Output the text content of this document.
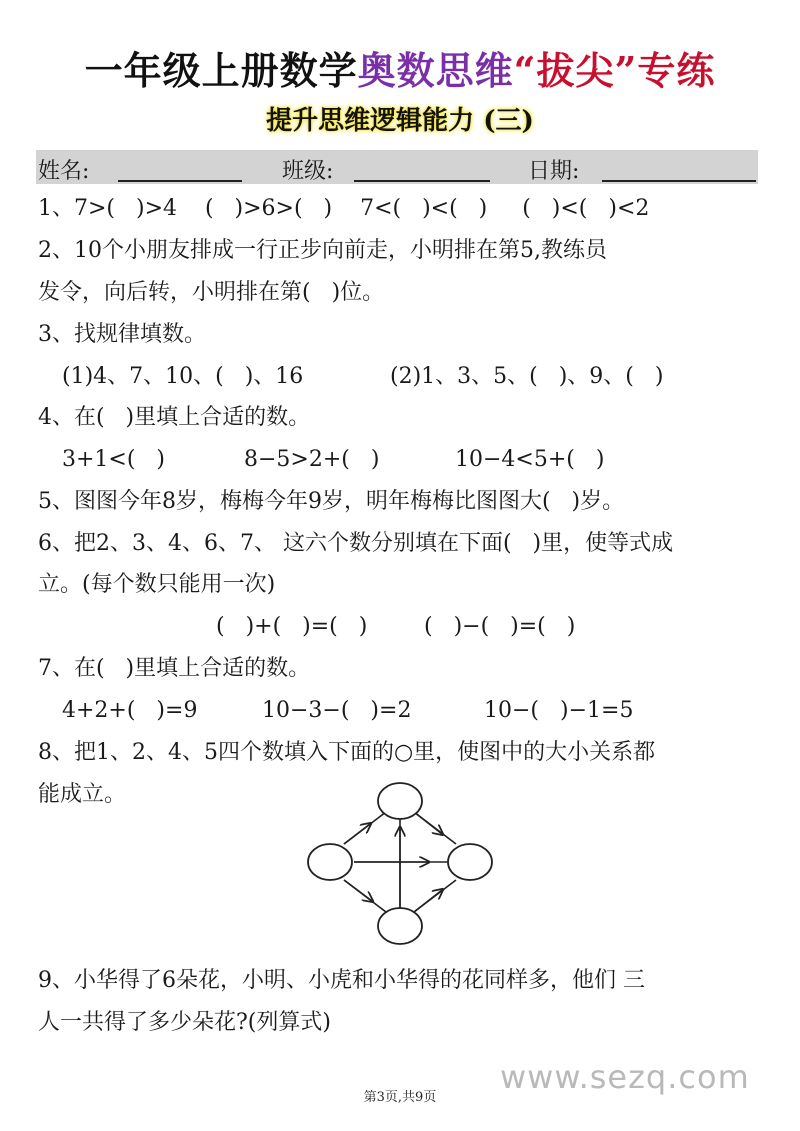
一年级上册数学奥数思维“拔尖”专练
提升思维逻辑能力 (三)
姓名:	班级:	日期:
1、7>(   )>4    (   )>6>(   )    7<(   )<(   )     (   )<(   )<2
2、10个小朋友排成一行正步向前走，小明排在第5,教练员
发令，向后转，小明排在第(   )位。
3、找规律填数。
(1)4、7、10、(   )、16	(2)1、3、5、(   )、9、(   )
4、在(   )里填上合适的数。
3+1<(   )	8−5>2+(   )	10−4<5+(   )
5、图图今年8岁，梅梅今年9岁，明年梅梅比图图大(   )岁。
6、把2、3、4、6、7、 这六个数分别填在下面(   )里，使等式成
立。(每个数只能用一次)
(   )+(   )=(   )	(   )−(   )=(   )
7、在(   )里填上合适的数。
4+2+(   )=9	10−3−(   )=2	10−(   )−1=5
8、把1、2、4、5四个数填入下面的○里，使图中的大小关系都
能成立。
9、小华得了6朵花，小明、小虎和小华得的花同样多，他们 三
人一共得了多少朵花?(列算式)
www.sezq.com
第3页,共9页
